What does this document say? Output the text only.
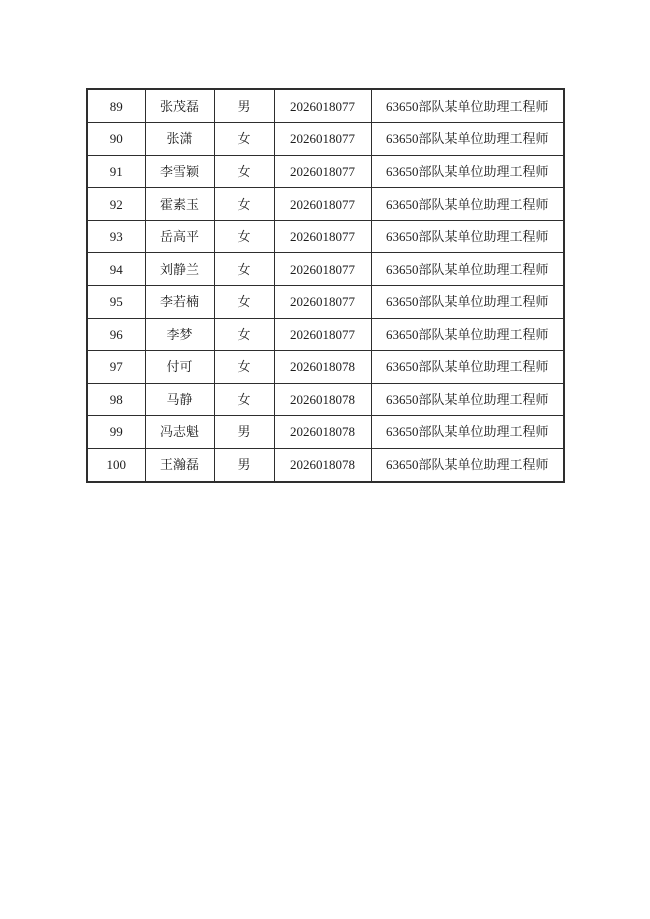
89	张茂磊	男	2026018077	63650部队某单位助理工程师
90	张潇	女	2026018077	63650部队某单位助理工程师
91	李雪颖	女	2026018077	63650部队某单位助理工程师
92	霍素玉	女	2026018077	63650部队某单位助理工程师
93	岳高平	女	2026018077	63650部队某单位助理工程师
94	刘静兰	女	2026018077	63650部队某单位助理工程师
95	李若楠	女	2026018077	63650部队某单位助理工程师
96	李梦	女	2026018077	63650部队某单位助理工程师
97	付可	女	2026018078	63650部队某单位助理工程师
98	马静	女	2026018078	63650部队某单位助理工程师
99	冯志魁	男	2026018078	63650部队某单位助理工程师
100	王瀚磊	男	2026018078	63650部队某单位助理工程师
